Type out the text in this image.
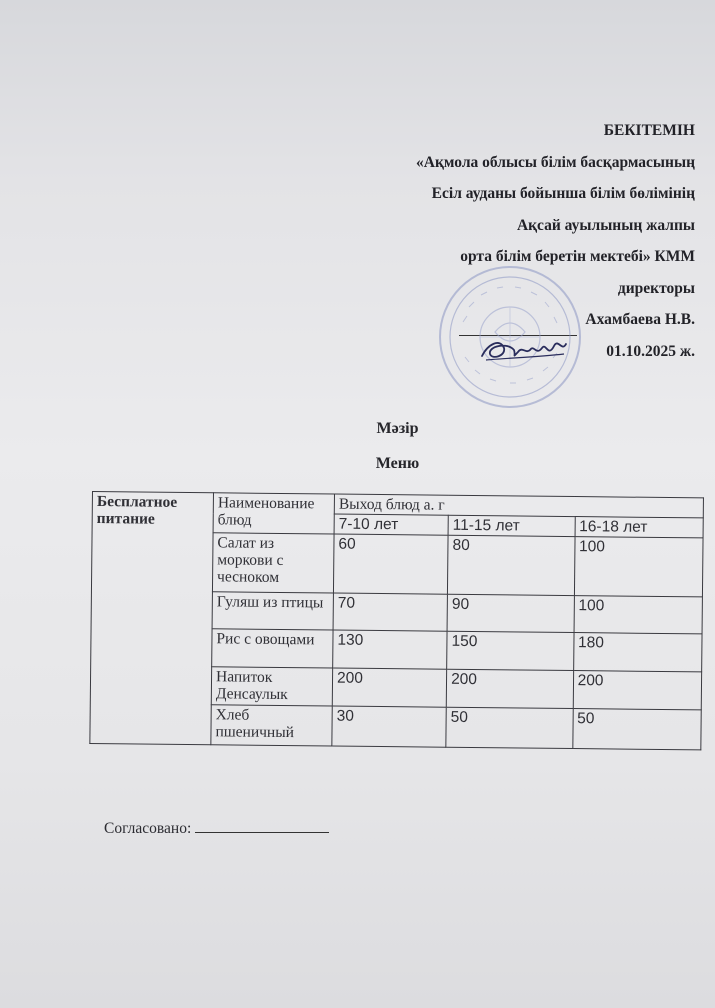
БЕКІТЕМІН
«Ақмола облысы білім басқармасының
Есіл ауданы бойынша білім бөлімінің
Ақсай ауылының жалпы
орта білім беретін мектебі» КММ
директоры
Ахамбаева Н.В.
01.10.2025 ж.
Мәзір
Меню
Бесплатное питание	Наименование блюд	Выход блюд а. г		
		7-10 лет	11-15 лет	16-18 лет
	Салат из моркови с чесноком	60	80	100
	Гуляш из птицы	70	90	100
	Рис с овощами	130	150	180
	Напиток Денсаулык	200	200	200
	Хлеб пшеничный	30	50	50
Согласовано:
